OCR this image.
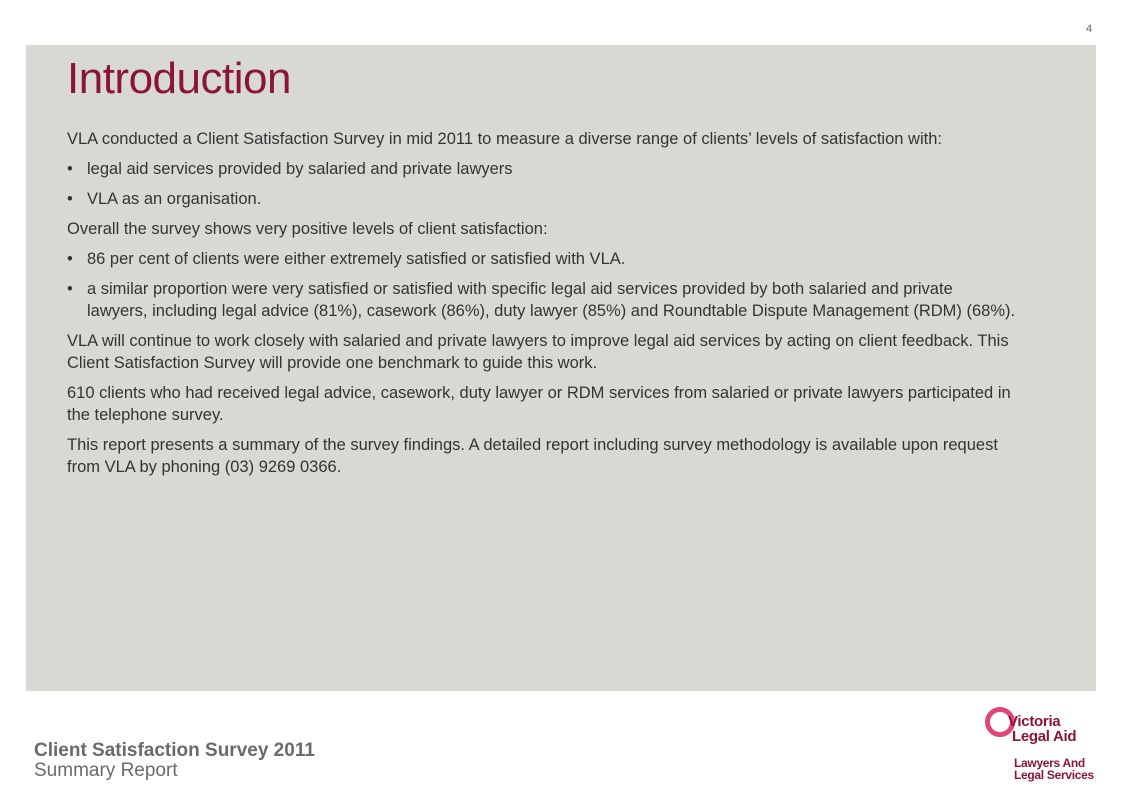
4
Introduction

VLA conducted a Client Satisfaction Survey in mid 2011 to measure a diverse range of clients’ levels of satisfaction with:

• legal aid services provided by salaried and private lawyers
• VLA as an organisation.

Overall the survey shows very positive levels of client satisfaction:

• 86 per cent of clients were either extremely satisfied or satisfied with VLA.
• a similar proportion were very satisfied or satisfied with specific legal aid services provided by both salaried and private lawyers, including legal advice (81%), casework (86%), duty lawyer (85%) and Roundtable Dispute Management (RDM) (68%).

VLA will continue to work closely with salaried and private lawyers to improve legal aid services by acting on client feedback. This Client Satisfaction Survey will provide one benchmark to guide this work.

610 clients who had received legal advice, casework, duty lawyer or RDM services from salaried or private lawyers participated in the telephone survey.

This report presents a summary of the survey findings. A detailed report including survey methodology is available upon request from VLA by phoning (03) 9269 0366.

Client Satisfaction Survey 2011
Summary Report
Victoria
Legal Aid
Lawyers And
Legal Services
